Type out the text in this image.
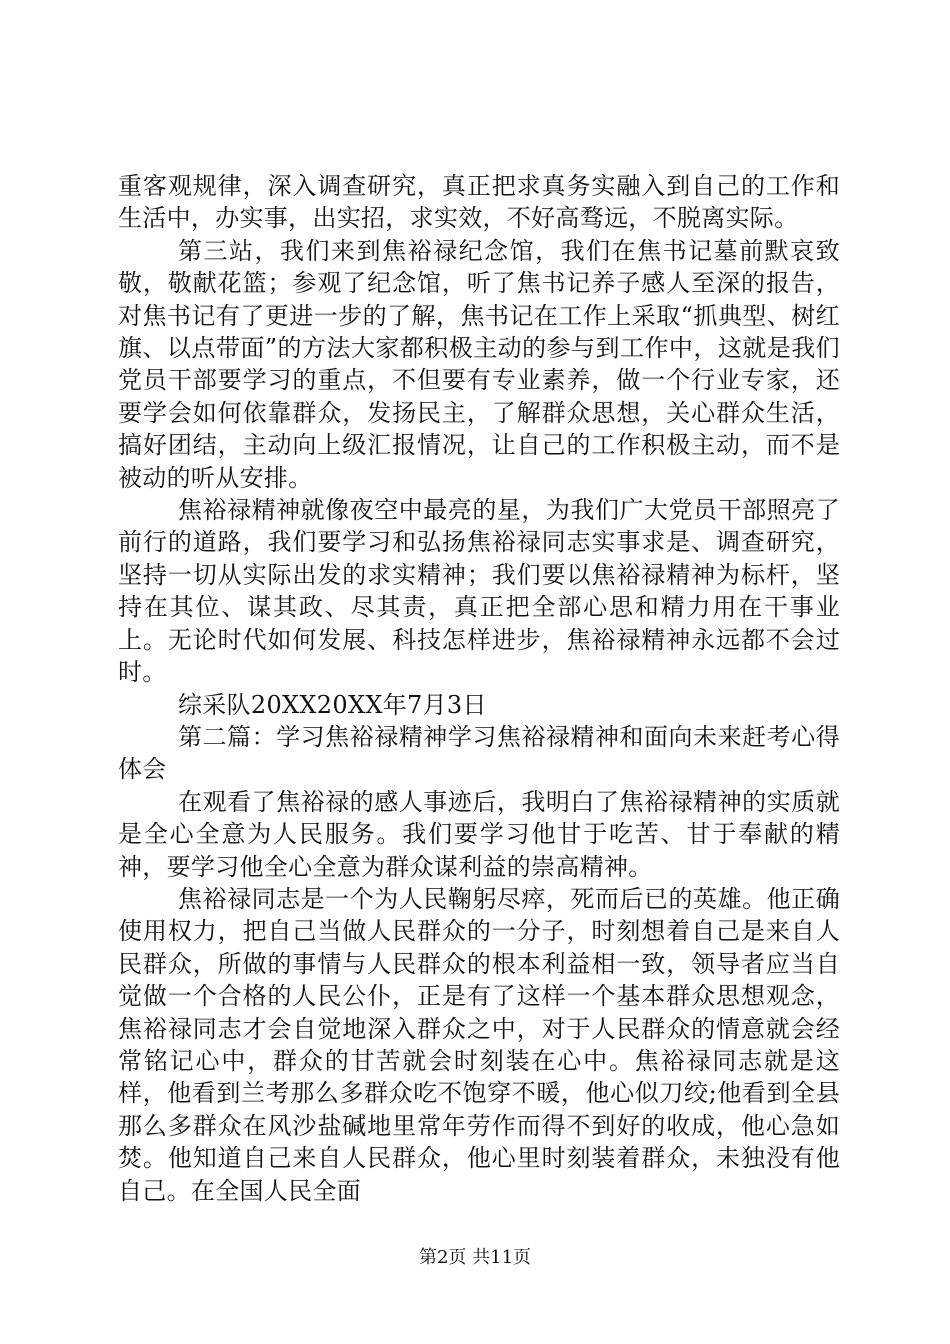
重客观规律，深入调查研究，真正把求真务实融入到自己的工作和生活中，办实事，出实招，求实效，不好高骛远，不脱离实际。

第三站，我们来到焦裕禄纪念馆，我们在焦书记墓前默哀致敬，敬献花篮；参观了纪念馆，听了焦书记养子感人至深的报告，对焦书记有了更进一步的了解，焦书记在工作上采取“抓典型、树红旗、以点带面”的方法大家都积极主动的参与到工作中，这就是我们党员干部要学习的重点，不但要有专业素养，做一个行业专家，还要学会如何依靠群众，发扬民主，了解群众思想，关心群众生活，搞好团结，主动向上级汇报情况，让自己的工作积极主动，而不是被动的听从安排。

焦裕禄精神就像夜空中最亮的星，为我们广大党员干部照亮了前行的道路，我们要学习和弘扬焦裕禄同志实事求是、调查研究，坚持一切从实际出发的求实精神；我们要以焦裕禄精神为标杆，坚持在其位、谋其政、尽其责，真正把全部心思和精力用在干事业上。无论时代如何发展、科技怎样进步，焦裕禄精神永远都不会过时。

综采队20XX20XX年7月3日

第二篇：学习焦裕禄精神学习焦裕禄精神和面向未来赶考心得体会

在观看了焦裕禄的感人事迹后，我明白了焦裕禄精神的实质就是全心全意为人民服务。我们要学习他甘于吃苦、甘于奉献的精神，要学习他全心全意为群众谋利益的崇高精神。

焦裕禄同志是一个为人民鞠躬尽瘁，死而后已的英雄。他正确使用权力，把自己当做人民群众的一分子，时刻想着自己是来自人民群众，所做的事情与人民群众的根本利益相一致，领导者应当自觉做一个合格的人民公仆，正是有了这样一个基本群众思想观念，焦裕禄同志才会自觉地深入群众之中，对于人民群众的情意就会经常铭记心中，群众的甘苦就会时刻装在心中。焦裕禄同志就是这样，他看到兰考那么多群众吃不饱穿不暖，他心似刀绞;他看到全县那么多群众在风沙盐碱地里常年劳作而得不到好的收成，他心急如焚。他知道自己来自人民群众，他心里时刻装着群众，未独没有他自己。在全国人民全面

第2页 共11页
